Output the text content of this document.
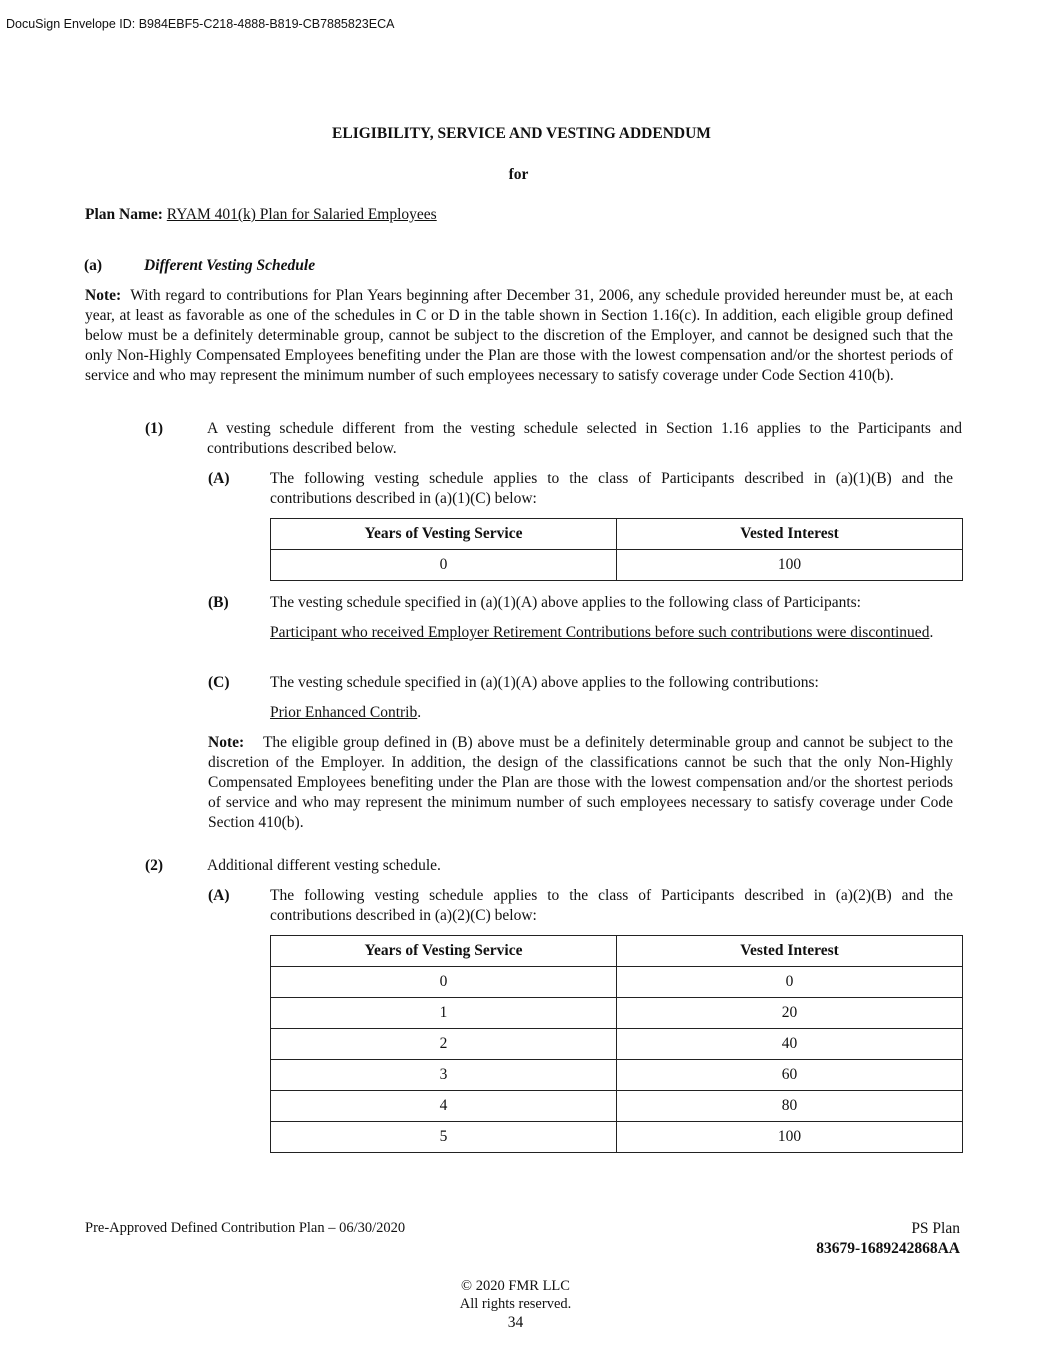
DocuSign Envelope ID: B984EBF5-C218-4888-B819-CB7885823ECA
ELIGIBILITY, SERVICE AND VESTING ADDENDUM
for
Plan Name: RYAM 401(k) Plan for Salaried Employees
(a)	Different Vesting Schedule
Note: With regard to contributions for Plan Years beginning after December 31, 2006, any schedule provided hereunder must be, at each year, at least as favorable as one of the schedules in C or D in the table shown in Section 1.16(c). In addition, each eligible group defined below must be a definitely determinable group, cannot be subject to the discretion of the Employer, and cannot be designed such that the only Non-Highly Compensated Employees benefiting under the Plan are those with the lowest compensation and/or the shortest periods of service and who may represent the minimum number of such employees necessary to satisfy coverage under Code Section 410(b).
(1)	A vesting schedule different from the vesting schedule selected in Section 1.16 applies to the Participants and contributions described below.
(A)	The following vesting schedule applies to the class of Participants described in (a)(1)(B) and the contributions described in (a)(1)(C) below:
Years of Vesting Service	Vested Interest
0	100
(B)	The vesting schedule specified in (a)(1)(A) above applies to the following class of Participants:
Participant who received Employer Retirement Contributions before such contributions were discontinued.
(C)	The vesting schedule specified in (a)(1)(A) above applies to the following contributions:
Prior Enhanced Contrib.
Note: The eligible group defined in (B) above must be a definitely determinable group and cannot be subject to the discretion of the Employer. In addition, the design of the classifications cannot be such that the only Non-Highly Compensated Employees benefiting under the Plan are those with the lowest compensation and/or the shortest periods of service and who may represent the minimum number of such employees necessary to satisfy coverage under Code Section 410(b).
(2)	Additional different vesting schedule.
(A)	The following vesting schedule applies to the class of Participants described in (a)(2)(B) and the contributions described in (a)(2)(C) below:
Years of Vesting Service	Vested Interest
0	0
1	20
2	40
3	60
4	80
5	100
Pre-Approved Defined Contribution Plan – 06/30/2020	PS Plan
83679-1689242868AA
© 2020 FMR LLC
All rights reserved.
34
